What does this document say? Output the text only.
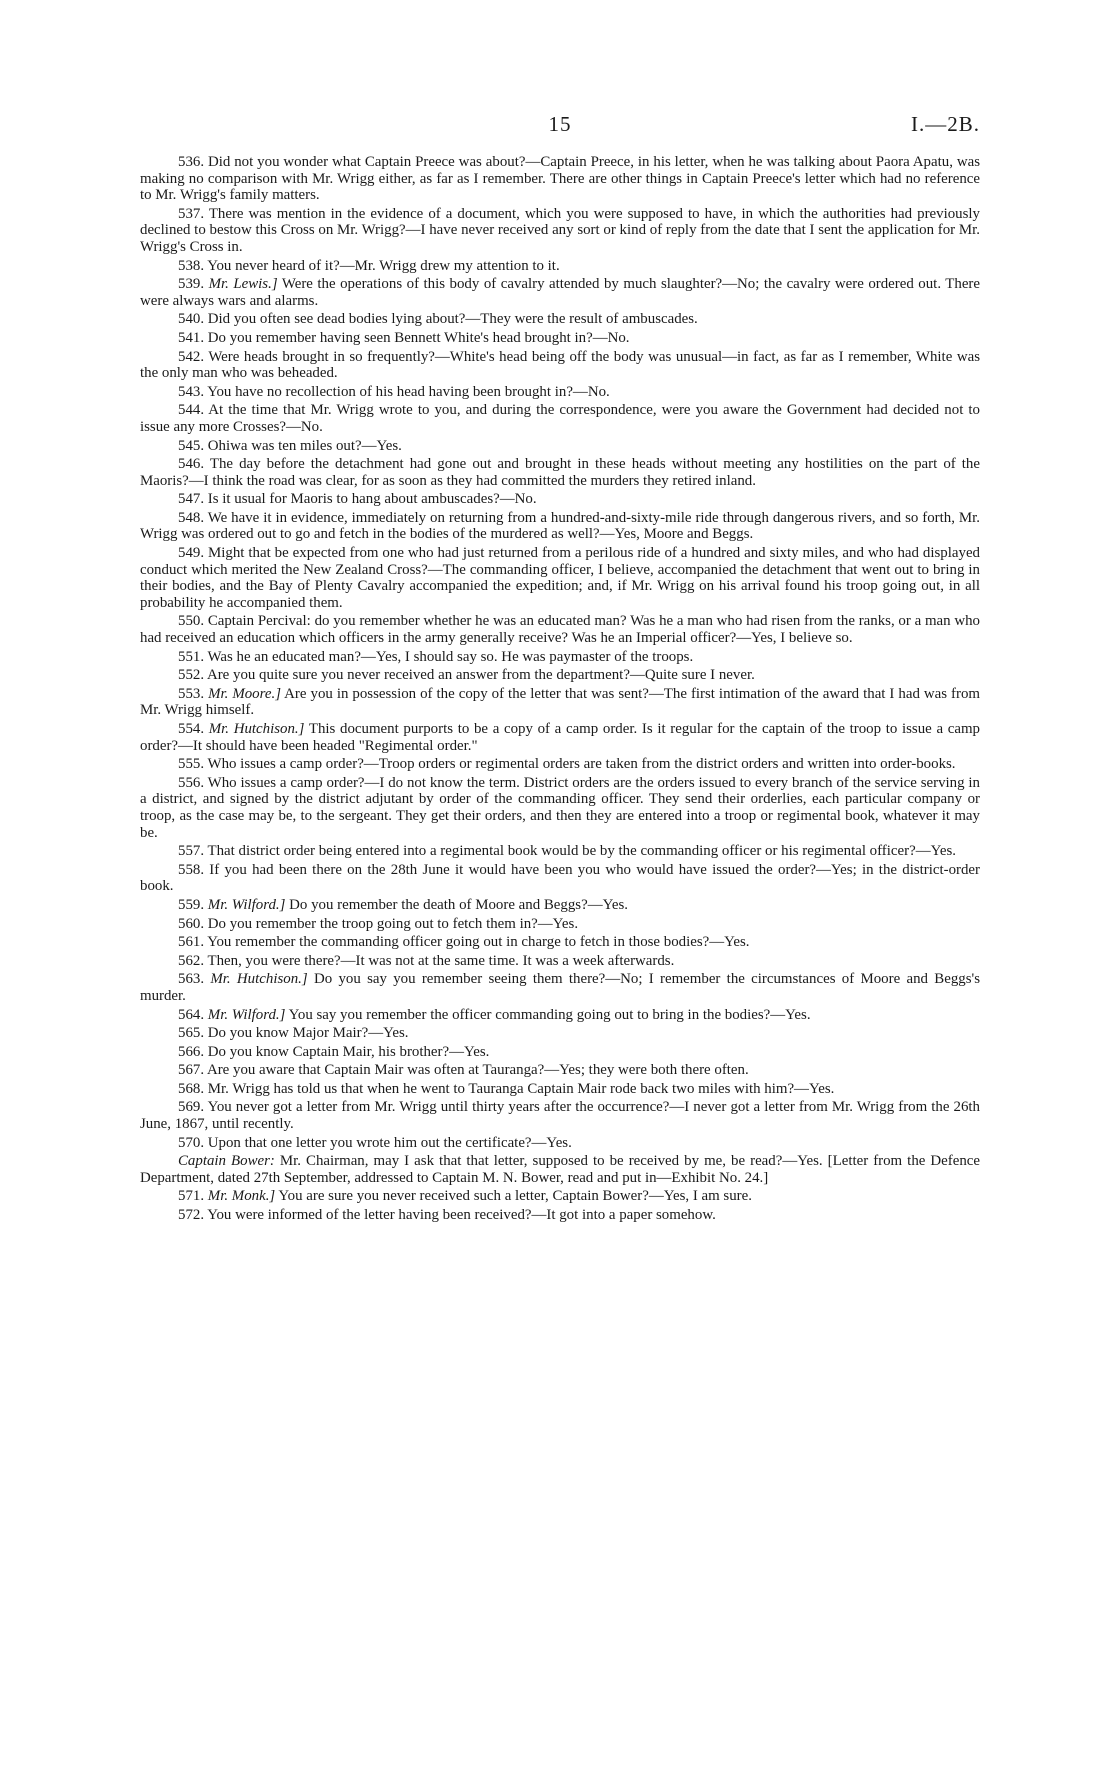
15	I.—2B.

536. Did not you wonder what Captain Preece was about?—Captain Preece, in his letter, when he was talking about Paora Apatu, was making no comparison with Mr. Wrigg either, as far as I remember. There are other things in Captain Preece's letter which had no reference to Mr. Wrigg's family matters.

537. There was mention in the evidence of a document, which you were supposed to have, in which the authorities had previously declined to bestow this Cross on Mr. Wrigg?—I have never received any sort or kind of reply from the date that I sent the application for Mr. Wrigg's Cross in.

538. You never heard of it?—Mr. Wrigg drew my attention to it.

539. Mr. Lewis.] Were the operations of this body of cavalry attended by much slaughter?—No; the cavalry were ordered out. There were always wars and alarms.

540. Did you often see dead bodies lying about?—They were the result of ambuscades.

541. Do you remember having seen Bennett White's head brought in?—No.

542. Were heads brought in so frequently?—White's head being off the body was unusual—in fact, as far as I remember, White was the only man who was beheaded.

543. You have no recollection of his head having been brought in?—No.

544. At the time that Mr. Wrigg wrote to you, and during the correspondence, were you aware the Government had decided not to issue any more Crosses?—No.

545. Ohiwa was ten miles out?—Yes.

546. The day before the detachment had gone out and brought in these heads without meeting any hostilities on the part of the Maoris?—I think the road was clear, for as soon as they had committed the murders they retired inland.

547. Is it usual for Maoris to hang about ambuscades?—No.

548. We have it in evidence, immediately on returning from a hundred-and-sixty-mile ride through dangerous rivers, and so forth, Mr. Wrigg was ordered out to go and fetch in the bodies of the murdered as well?—Yes, Moore and Beggs.

549. Might that be expected from one who had just returned from a perilous ride of a hundred and sixty miles, and who had displayed conduct which merited the New Zealand Cross?—The commanding officer, I believe, accompanied the detachment that went out to bring in their bodies, and the Bay of Plenty Cavalry accompanied the expedition; and, if Mr. Wrigg on his arrival found his troop going out, in all probability he accompanied them.

550. Captain Percival: do you remember whether he was an educated man? Was he a man who had risen from the ranks, or a man who had received an education which officers in the army generally receive? Was he an Imperial officer?—Yes, I believe so.

551. Was he an educated man?—Yes, I should say so. He was paymaster of the troops.

552. Are you quite sure you never received an answer from the department?—Quite sure I never.

553. Mr. Moore.] Are you in possession of the copy of the letter that was sent?—The first intimation of the award that I had was from Mr. Wrigg himself.

554. Mr. Hutchison.] This document purports to be a copy of a camp order. Is it regular for the captain of the troop to issue a camp order?—It should have been headed "Regimental order."

555. Who issues a camp order?—Troop orders or regimental orders are taken from the district orders and written into order-books.

556. Who issues a camp order?—I do not know the term. District orders are the orders issued to every branch of the service serving in a district, and signed by the district adjutant by order of the commanding officer. They send their orderlies, each particular company or troop, as the case may be, to the sergeant. They get their orders, and then they are entered into a troop or regimental book, whatever it may be.

557. That district order being entered into a regimental book would be by the commanding officer or his regimental officer?—Yes.

558. If you had been there on the 28th June it would have been you who would have issued the order?—Yes; in the district-order book.

559. Mr. Wilford.] Do you remember the death of Moore and Beggs?—Yes.

560. Do you remember the troop going out to fetch them in?—Yes.

561. You remember the commanding officer going out in charge to fetch in those bodies?—Yes.

562. Then, you were there?—It was not at the same time. It was a week afterwards.

563. Mr. Hutchison.] Do you say you remember seeing them there?—No; I remember the circumstances of Moore and Beggs's murder.

564. Mr. Wilford.] You say you remember the officer commanding going out to bring in the bodies?—Yes.

565. Do you know Major Mair?—Yes.

566. Do you know Captain Mair, his brother?—Yes.

567. Are you aware that Captain Mair was often at Tauranga?—Yes; they were both there often.

568. Mr. Wrigg has told us that when he went to Tauranga Captain Mair rode back two miles with him?—Yes.

569. You never got a letter from Mr. Wrigg until thirty years after the occurrence?—I never got a letter from Mr. Wrigg from the 26th June, 1867, until recently.

570. Upon that one letter you wrote him out the certificate?—Yes.

Captain Bower: Mr. Chairman, may I ask that that letter, supposed to be received by me, be read?—Yes. [Letter from the Defence Department, dated 27th September, addressed to Captain M. N. Bower, read and put in—Exhibit No. 24.]

571. Mr. Monk.] You are sure you never received such a letter, Captain Bower?—Yes, I am sure.

572. You were informed of the letter having been received?—It got into a paper somehow.
